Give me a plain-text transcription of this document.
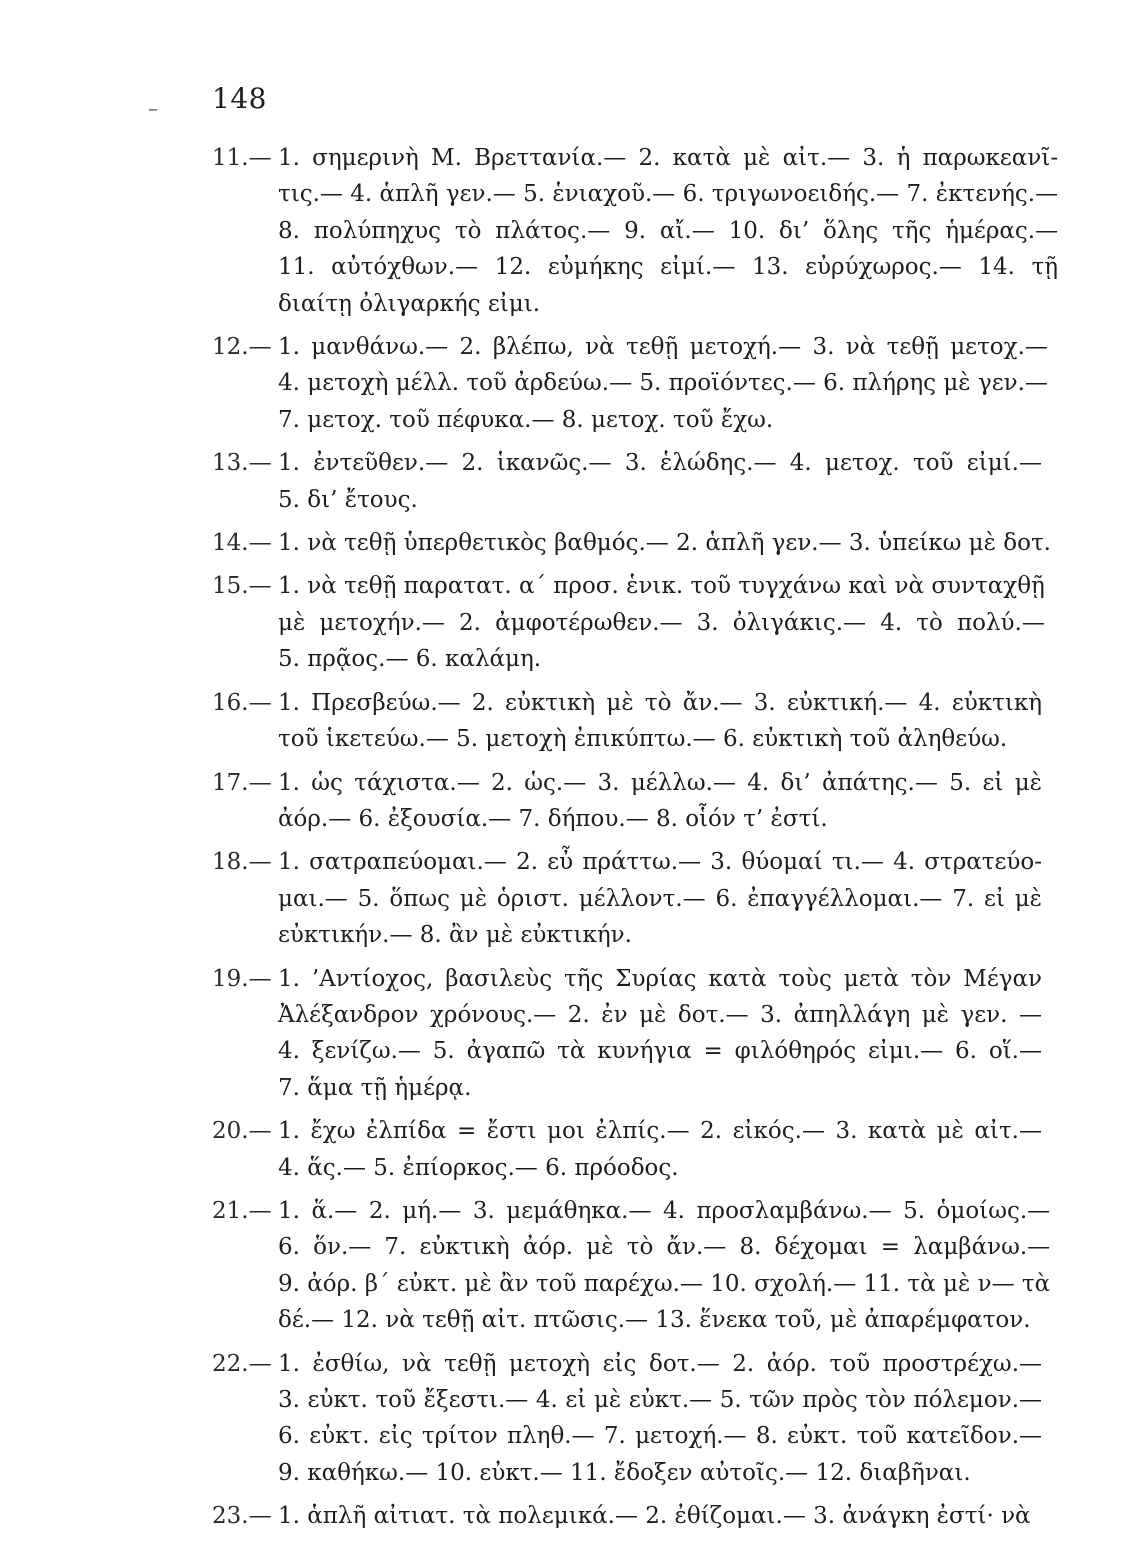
– 148
11.— 1. σημερινὴ Μ. Βρεττανία.— 2. κατὰ μὲ αἰτ.— 3. ἡ παρωκεανῖ-
τις.— 4. ἁπλῆ γεν.— 5. ἑνιαχοῦ.— 6. τριγωνοειδής.— 7. ἐκτενής.—
8. πολύπηχυς τὸ πλάτος.— 9. αἴ.— 10. δι’ ὅλης τῆς ἡμέρας.—
11. αὐτόχθων.— 12. εὐμήκης εἰμί.— 13. εὐρύχωρος.— 14. τῇ
διαίτῃ ὀλιγαρκής εἰμι.
12.— 1. μανθάνω.— 2. βλέπω, νὰ τεθῇ μετοχή.— 3. νὰ τεθῇ μετοχ.—
4. μετοχὴ μέλλ. τοῦ ἀρδεύω.— 5. προϊόντες.— 6. πλήρης μὲ γεν.—
7. μετοχ. τοῦ πέφυκα.— 8. μετοχ. τοῦ ἔχω.
13.— 1. ἐντεῦθεν.— 2. ἱκανῶς.— 3. ἑλώδης.— 4. μετοχ. τοῦ εἰμί.—
5. δι’ ἔτους.
14.— 1. νὰ τεθῇ ὑπερθετικὸς βαθμός.— 2. ἁπλῆ γεν.— 3. ὑπείκω μὲ δοτ.
15.— 1. νὰ τεθῇ παρατατ. α΄ προσ. ἑνικ. τοῦ τυγχάνω καὶ νὰ συνταχθῇ
μὲ μετοχήν.— 2. ἀμφοτέρωθεν.— 3. ὀλιγάκις.— 4. τὸ πολύ.—
5. πρᾷος.— 6. καλάμη.
16.— 1. Πρεσβεύω.— 2. εὐκτικὴ μὲ τὸ ἄν.— 3. εὐκτική.— 4. εὐκτικὴ
τοῦ ἱκετεύω.— 5. μετοχὴ ἐπικύπτω.— 6. εὐκτικὴ τοῦ ἀληθεύω.
17.— 1. ὡς τάχιστα.— 2. ὡς.— 3. μέλλω.— 4. δι’ ἀπάτης.— 5. εἰ μὲ
ἀόρ.— 6. ἐξουσία.— 7. δήπου.— 8. οἷόν τ’ ἐστί.
18.— 1. σατραπεύομαι.— 2. εὖ πράττω.— 3. θύομαί τι.— 4. στρατεύο-
μαι.— 5. ὅπως μὲ ὁριστ. μέλλοντ.— 6. ἐπαγγέλλομαι.— 7. εἰ μὲ
εὐκτικήν.— 8. ἂν μὲ εὐκτικήν.
19.— 1. ’Αντίοχος, βασιλεὺς τῆς Συρίας κατὰ τοὺς μετὰ τὸν Μέγαν
Ἀλέξανδρον χρόνους.— 2. ἐν μὲ δοτ.— 3. ἀπηλλάγη μὲ γεν. —
4. ξενίζω.— 5. ἀγαπῶ τὰ κυνήγια = φιλόθηρός εἰμι.— 6. οἵ.—
7. ἅμα τῇ ἡμέρᾳ.
20.— 1. ἔχω ἐλπίδα = ἔστι μοι ἐλπίς.— 2. εἰκός.— 3. κατὰ μὲ αἰτ.—
4. ἅς.— 5. ἐπίορκος.— 6. πρόοδος.
21.— 1. ἅ.— 2. μή.— 3. μεμάθηκα.— 4. προσλαμβάνω.— 5. ὁμοίως.—
6. ὅν.— 7. εὐκτικὴ ἀόρ. μὲ τὸ ἄν.— 8. δέχομαι = λαμβάνω.—
9. ἀόρ. β΄ εὐκτ. μὲ ἂν τοῦ παρέχω.— 10. σχολή.— 11. τὰ μὲ ν— τὰ
δέ.— 12. νὰ τεθῇ αἰτ. πτῶσις.— 13. ἕνεκα τοῦ, μὲ ἀπαρέμφατον.
22.— 1. ἐσθίω, νὰ τεθῇ μετοχὴ εἰς δοτ.— 2. ἀόρ. τοῦ προστρέχω.—
3. εὐκτ. τοῦ ἔξεστι.— 4. εἰ μὲ εὐκτ.— 5. τῶν πρὸς τὸν πόλεμον.—
6. εὐκτ. εἰς τρίτον πληθ.— 7. μετοχή.— 8. εὐκτ. τοῦ κατεῖδον.—
9. καθήκω.— 10. εὐκτ.— 11. ἔδοξεν αὐτοῖς.— 12. διαβῆναι.
23.— 1. ἁπλῆ αἰτιατ. τὰ πολεμικά.— 2. ἐθίζομαι.— 3. ἀνάγκη ἐστί· νὰ
